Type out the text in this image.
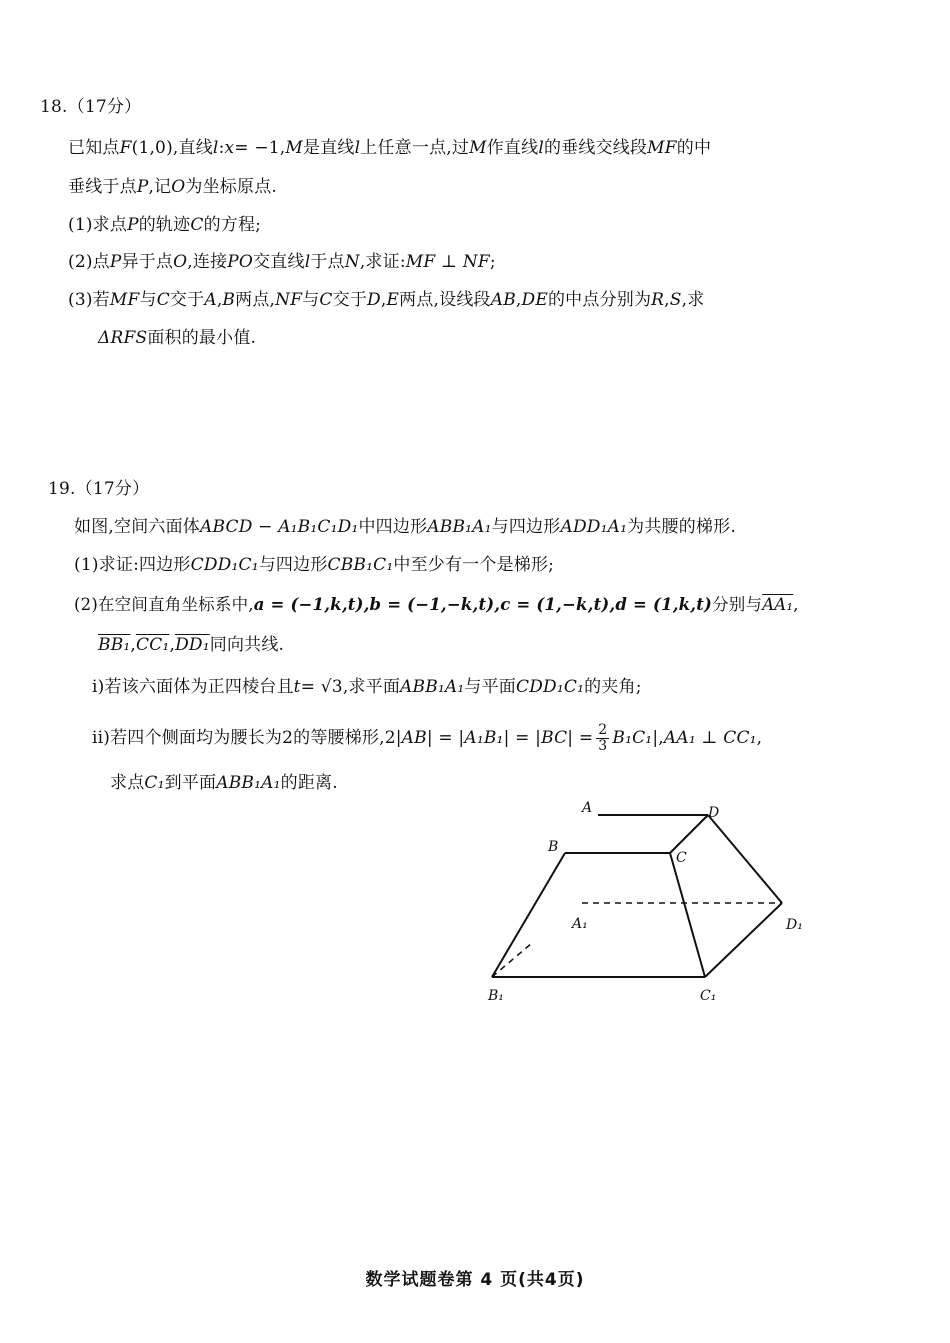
18.（17分）
已知点F(1,0),直线l:x= −1,M是直线l上任意一点,过M作直线l的垂线交线段MF的中
垂线于点P,记O为坐标原点.
(1)求点P的轨迹C的方程;
(2)点P异于点O,连接PO交直线l于点N,求证:MF ⊥ NF;
(3)若MF与C交于A,B两点,NF与C交于D,E两点,设线段AB,DE的中点分别为R,S,求
ΔRFS面积的最小值.
19.（17分）
如图,空间六面体ABCD − A₁B₁C₁D₁中四边形ABB₁A₁与四边形ADD₁A₁为共腰的梯形.
(1)求证:四边形CDD₁C₁与四边形CBB₁C₁中至少有一个是梯形;
(2)在空间直角坐标系中,a = (−1,k,t),b = (−1,−k,t),c = (1,−k,t),d = (1,k,t)分别与AA₁,
BB₁,CC₁,DD₁同向共线.
i)若该六面体为正四棱台且t= √3,求平面ABB₁A₁与平面CDD₁C₁的夹角;
ii)若四个侧面均为腰长为2的等腰梯形$,2|AB| = |A_1B_1| = |BC| = \frac{2}{3} B_1C_1|,AA_1$ ⊥ CC₁,
求点C₁到平面ABB₁A₁的距离.
A	D
B
C
A₁	D₁
B₁	C₁
数学试题卷第 4 页(共4页)
